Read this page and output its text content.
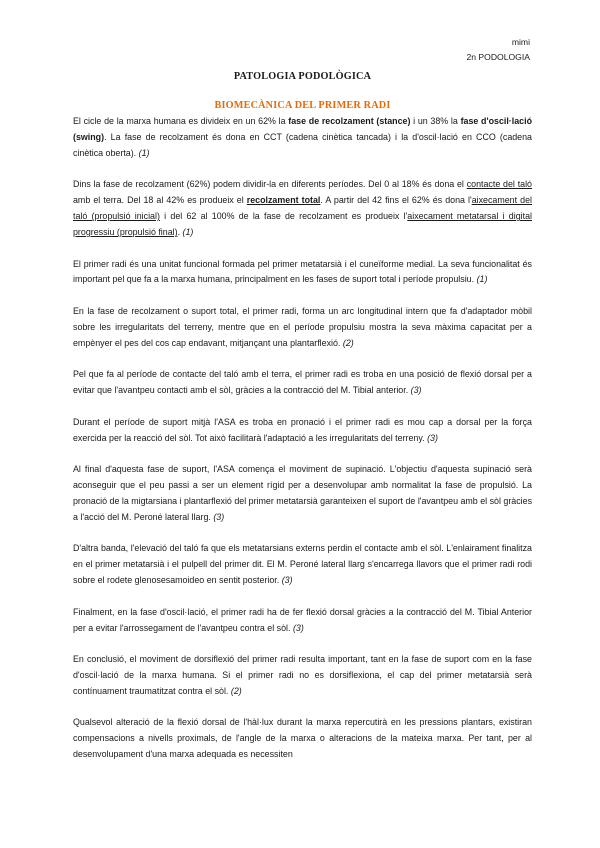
mimi
2n PODOLOGIA
PATOLOGIA PODOLÒGICA
BIOMECÀNICA DEL PRIMER RADI

El cicle de la marxa humana es divideix en un 62% la fase de recolzament (stance) i un 38% la fase d'oscil·lació (swing). La fase de recolzament és dona en CCT (cadena cinètica tancada) i la d'oscil·lació en CCO (cadena cinètica oberta). (1)

Dins la fase de recolzament (62%) podem dividir-la en diferents períodes. Del 0 al 18% és dona el contacte del taló amb el terra. Del 18 al 42% es produeix el recolzament total. A partir del 42 fins el 62% és dona l'aixecament del taló (propulsió inicial) i del 62 al 100% de la fase de recolzament es produeix l'aixecament metatarsal i digital progressiu (propulsió final). (1)

El primer radi és una unitat funcional formada pel primer metatarsià i el cuneïforme medial. La seva funcionalitat és important pel que fa a la marxa humana, principalment en les fases de suport total i període propulsiu. (1)

En la fase de recolzament o suport total, el primer radi, forma un arc longitudinal intern que fa d'adaptador mòbil sobre les irregularitats del terreny, mentre que en el període propulsiu mostra la seva màxima capacitat per a empènyer el pes del cos cap endavant, mitjançant una plantarflexió. (2)

Pel que fa al període de contacte del taló amb el terra, el primer radi es troba en una posició de flexió dorsal per a evitar que l'avantpeu contacti amb el sòl, gràcies a la contracció del M. Tibial anterior. (3)

Durant el període de suport mitjà l'ASA es troba en pronació i el primer radi es mou cap a dorsal per la força exercida per la reacció del sòl. Tot això facilitarà l'adaptació a les irregularitats del terreny. (3)

Al final d'aquesta fase de suport, l'ASA comença el moviment de supinació. L'objectiu d'aquesta supinació serà aconseguir que el peu passi a ser un element rígid per a desenvolupar amb normalitat la fase de propulsió. La pronació de la migtarsiana i plantarflexió del primer metatarsià garanteixen el suport de l'avantpeu amb el sòl gràcies a l'acció del M. Peroné lateral llarg. (3)

D'altra banda, l'elevació del taló fa que els metatarsians externs perdin el contacte amb el sòl. L'enlairament finalitza en el primer metatarsià i el pulpell del primer dit. El M. Peroné lateral llarg s'encarrega llavors que el primer radi rodi sobre el rodete glenosesamoideo en sentit posterior. (3)

Finalment, en la fase d'oscil·lació, el primer radi ha de fer flexió dorsal gràcies a la contracció del M. Tibial Anterior per a evitar l'arrossegament de l'avantpeu contra el sòl. (3)

En conclusió, el moviment de dorsiflexió del primer radi resulta important, tant en la fase de suport com en la fase d'oscil·lació de la marxa humana. Si el primer radi no es dorsiflexiona, el cap del primer metatarsià serà contínuament traumatitzat contra el sòl. (2)

Qualsevol alteració de la flexió dorsal de l'hàl·lux durant la marxa repercutirà en les pressions plantars, existiran compensacions a nivells proximals, de l'angle de la marxa o alteracions de la mateixa marxa. Per tant, per al desenvolupament d'una marxa adequada es necessiten
